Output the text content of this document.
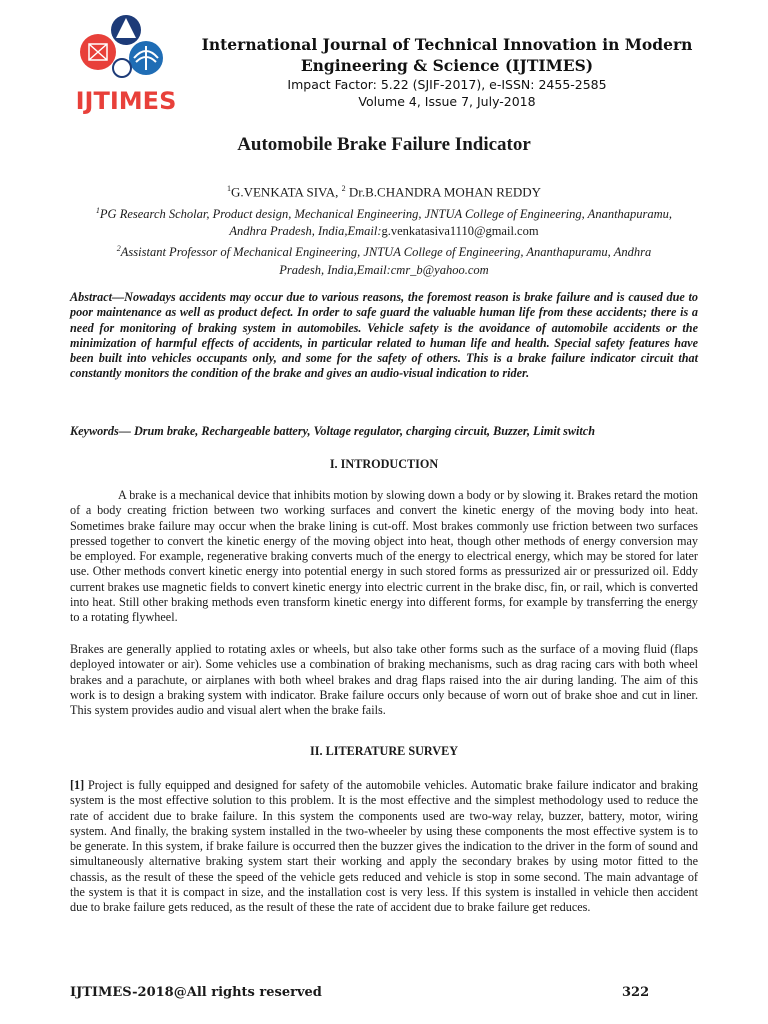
IJTIMES
International Journal of Technical Innovation in Modern
Engineering & Science (IJTIMES)
Impact Factor: 5.22 (SJIF-2017), e-ISSN: 2455-2585
Volume 4, Issue 7, July-2018
Automobile Brake Failure Indicator
$^1$G.VENKATA SIVA, $^2$ Dr.B.CHANDRA MOHAN REDDY
$^1$PG Research Scholar, Product design, Mechanical Engineering, JNTUA College of Engineering, Ananthapuramu,
Andhra Pradesh, India,Email:g.venkatasiva1110@gmail.com
$^2$Assistant Professor of Mechanical Engineering, JNTUA College of Engineering, Ananthapuramu, Andhra
Pradesh, India,Email:cmr_b@yahoo.com
Abstract—Nowadays accidents may occur due to various reasons, the foremost reason is brake failure and is caused due to poor maintenance as well as product defect. In order to safe guard the valuable human life from these accidents; there is a need for monitoring of braking system in automobiles. Vehicle safety is the avoidance of automobile accidents or the minimization of harmful effects of accidents, in particular related to human life and health. Special safety features have been built into vehicles occupants only, and some for the safety of others. This is a brake failure indicator circuit that constantly monitors the condition of the brake and gives an audio-visual indication to rider.
Keywords— Drum brake, Rechargeable battery, Voltage regulator, charging circuit, Buzzer, Limit switch
I. INTRODUCTION
A brake is a mechanical device that inhibits motion by slowing down a body or by slowing it. Brakes retard the motion of a body creating friction between two working surfaces and convert the kinetic energy of the moving body into heat. Sometimes brake failure may occur when the brake lining is cut-off. Most brakes commonly use friction between two surfaces pressed together to convert the kinetic energy of the moving object into heat, though other methods of energy conversion may be employed. For example, regenerative braking converts much of the energy to electrical energy, which may be stored for later use. Other methods convert kinetic energy into potential energy in such stored forms as pressurized air or pressurized oil. Eddy current brakes use magnetic fields to convert kinetic energy into electric current in the brake disc, fin, or rail, which is converted into heat. Still other braking methods even transform kinetic energy into different forms, for example by transferring the energy to a rotating flywheel.
Brakes are generally applied to rotating axles or wheels, but also take other forms such as the surface of a moving fluid (flaps deployed intowater or air). Some vehicles use a combination of braking mechanisms, such as drag racing cars with both wheel brakes and a parachute, or airplanes with both wheel brakes and drag flaps raised into the air during landing. The aim of this work is to design a braking system with indicator. Brake failure occurs only because of worn out of brake shoe and cut in liner. This system provides audio and visual alert when the brake fails.
II. LITERATURE SURVEY
[1] Project is fully equipped and designed for safety of the automobile vehicles. Automatic brake failure indicator and braking system is the most effective solution to this problem. It is the most effective and the simplest methodology used to reduce the rate of accident due to brake failure. In this system the components used are two-way relay, buzzer, battery, motor, wiring system. And finally, the braking system installed in the two-wheeler by using these components the most effective system is to be generate. In this system, if brake failure is occurred then the buzzer gives the indication to the driver in the form of sound and simultaneously alternative braking system start their working and apply the secondary brakes by using motor fitted to the chassis, as the result of these the speed of the vehicle gets reduced and vehicle is stop in some second. The main advantage of the system is that it is compact in size, and the installation cost is very less. If this system is installed in vehicle then accident due to brake failure gets reduced, as the result of these the rate of accident due to brake failure get reduces.
IJTIMES-2018@All rights reserved	322
